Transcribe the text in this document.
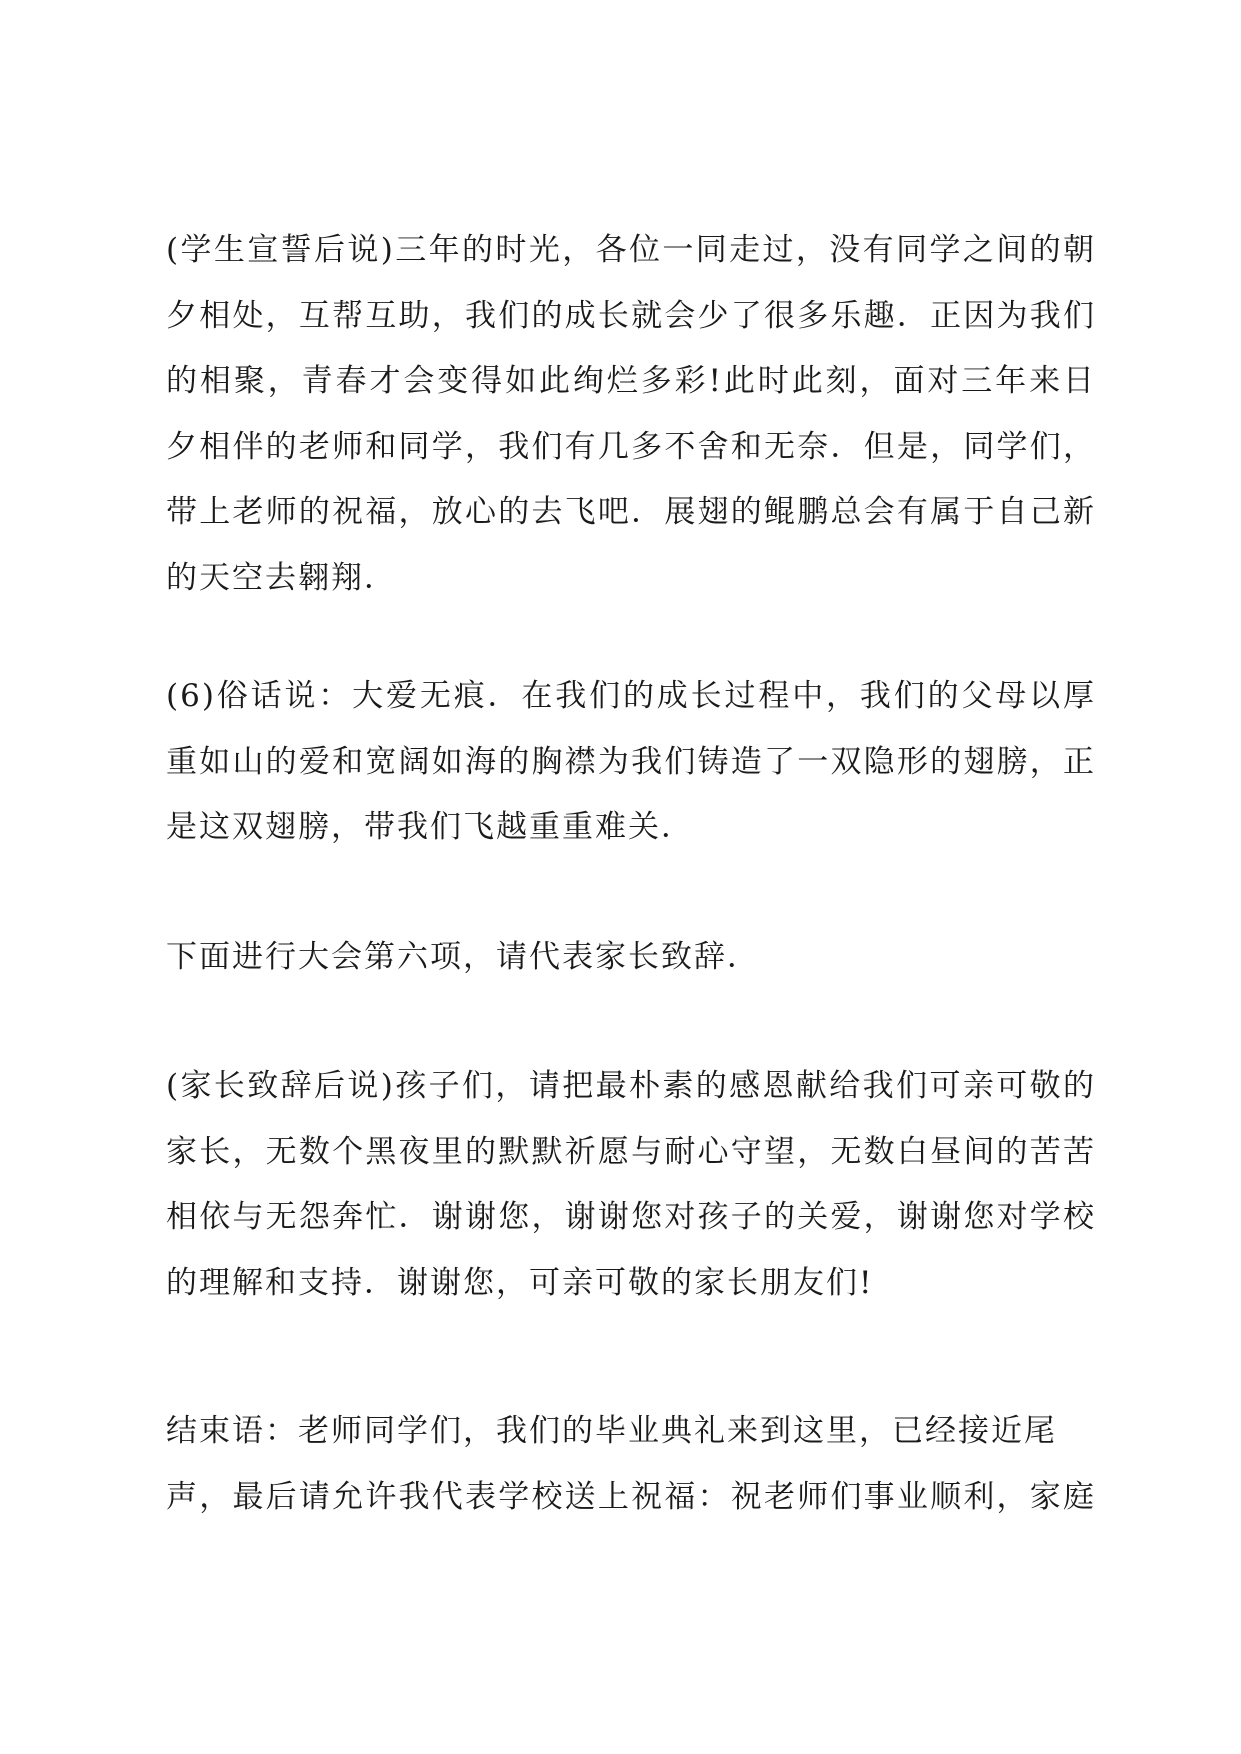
(学生宣誓后说)三年的时光，各位一同走过，没有同学之间的朝
夕相处，互帮互助，我们的成长就会少了很多乐趣．正因为我们
的相聚，青春才会变得如此绚烂多彩!此时此刻，面对三年来日
夕相伴的老师和同学，我们有几多不舍和无奈．但是，同学们，
带上老师的祝福，放心的去飞吧．展翅的鲲鹏总会有属于自己新
的天空去翱翔．
(6)俗话说：大爱无痕．在我们的成长过程中，我们的父母以厚
重如山的爱和宽阔如海的胸襟为我们铸造了一双隐形的翅膀，正
是这双翅膀，带我们飞越重重难关．
下面进行大会第六项，请代表家长致辞．
(家长致辞后说)孩子们，请把最朴素的感恩献给我们可亲可敬的
家长，无数个黑夜里的默默祈愿与耐心守望，无数白昼间的苦苦
相依与无怨奔忙．谢谢您，谢谢您对孩子的关爱，谢谢您对学校
的理解和支持．谢谢您，可亲可敬的家长朋友们!
结束语：老师同学们，我们的毕业典礼来到这里，已经接近尾
声，最后请允许我代表学校送上祝福：祝老师们事业顺利，家庭
